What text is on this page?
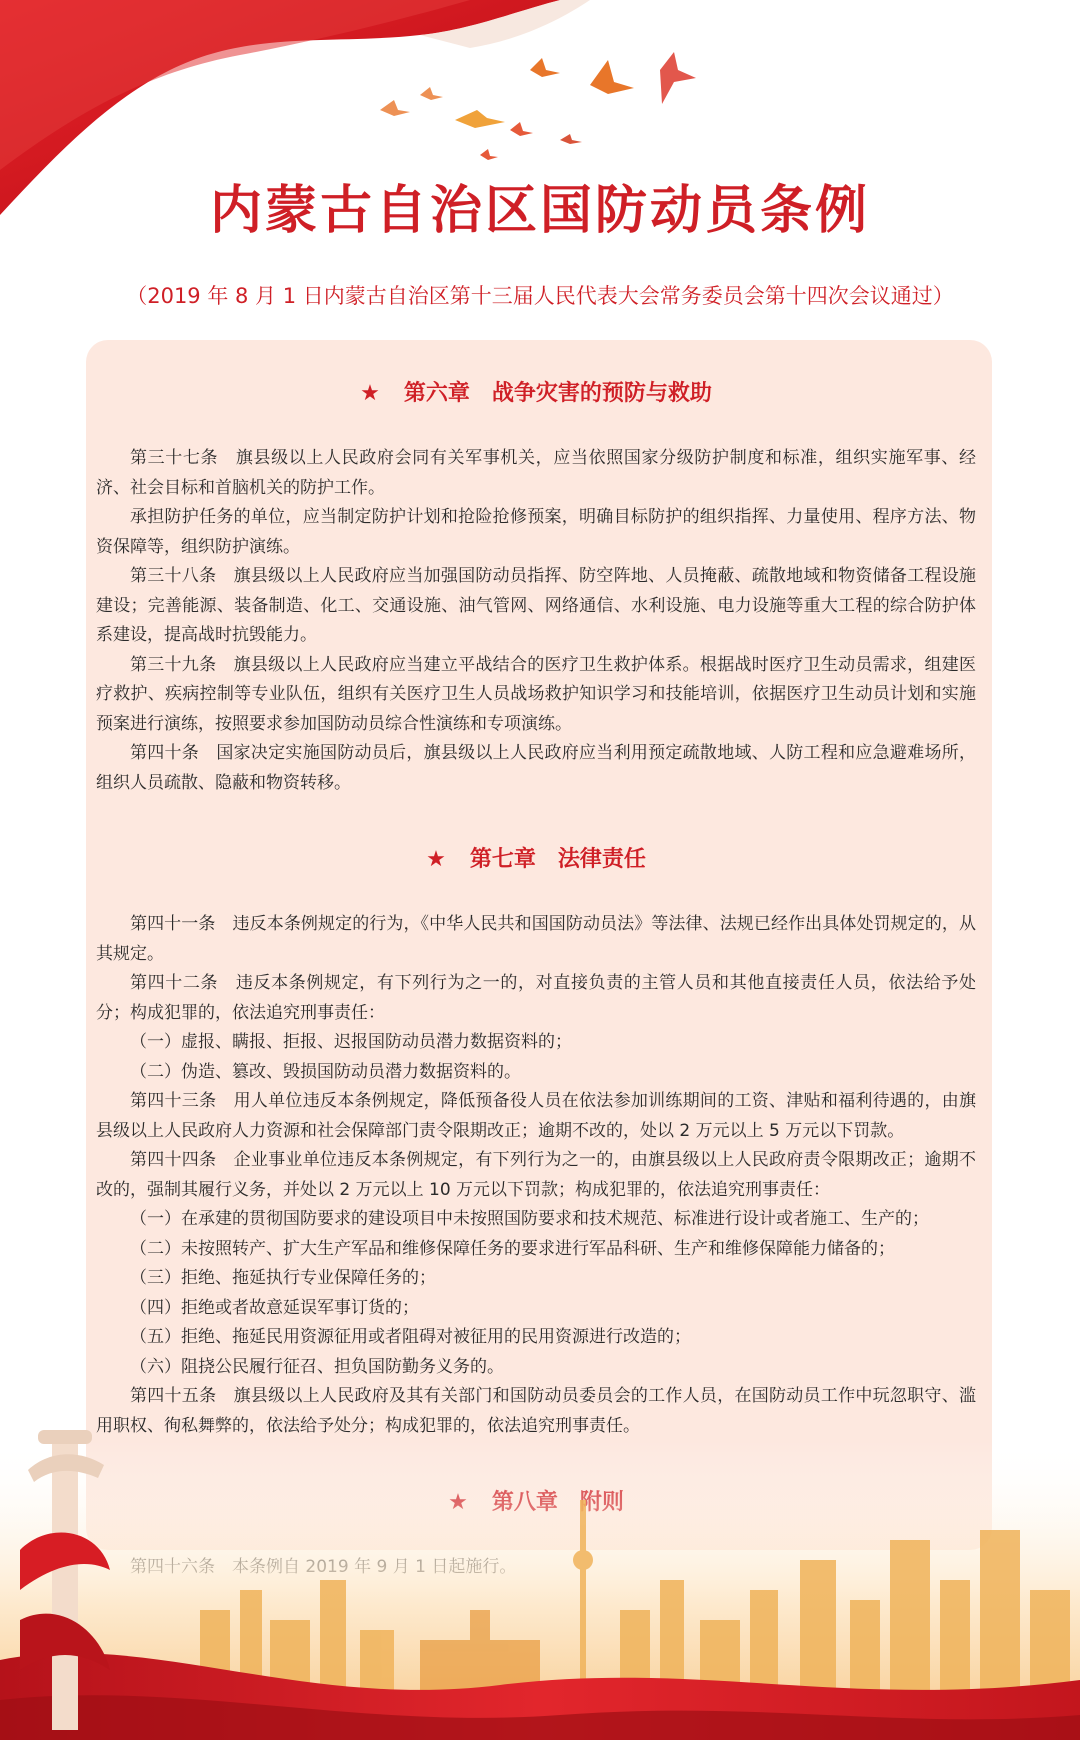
内蒙古自治区国防动员条例

（2019 年 8 月 1 日内蒙古自治区第十三届人民代表大会常务委员会第十四次会议通过）

★ 第六章 战争灾害的预防与救助

第三十七条　旗县级以上人民政府会同有关军事机关，应当依照国家分级防护制度和标准，组织实施军事、经济、社会目标和首脑机关的防护工作。

承担防护任务的单位，应当制定防护计划和抢险抢修预案，明确目标防护的组织指挥、力量使用、程序方法、物资保障等，组织防护演练。

第三十八条　旗县级以上人民政府应当加强国防动员指挥、防空阵地、人员掩蔽、疏散地域和物资储备工程设施建设；完善能源、装备制造、化工、交通设施、油气管网、网络通信、水利设施、电力设施等重大工程的综合防护体系建设，提高战时抗毁能力。

第三十九条　旗县级以上人民政府应当建立平战结合的医疗卫生救护体系。根据战时医疗卫生动员需求，组建医疗救护、疾病控制等专业队伍，组织有关医疗卫生人员战场救护知识学习和技能培训，依据医疗卫生动员计划和实施预案进行演练，按照要求参加国防动员综合性演练和专项演练。

第四十条　国家决定实施国防动员后，旗县级以上人民政府应当利用预定疏散地域、人防工程和应急避难场所，组织人员疏散、隐蔽和物资转移。

★ 第七章 法律责任

第四十一条　违反本条例规定的行为，《中华人民共和国国防动员法》等法律、法规已经作出具体处罚规定的，从其规定。

第四十二条　违反本条例规定，有下列行为之一的，对直接负责的主管人员和其他直接责任人员，依法给予处分；构成犯罪的，依法追究刑事责任：

（一）虚报、瞒报、拒报、迟报国防动员潜力数据资料的；

（二）伪造、篡改、毁损国防动员潜力数据资料的。

第四十三条　用人单位违反本条例规定，降低预备役人员在依法参加训练期间的工资、津贴和福利待遇的，由旗县级以上人民政府人力资源和社会保障部门责令限期改正；逾期不改的，处以 2 万元以上 5 万元以下罚款。

第四十四条　企业事业单位违反本条例规定，有下列行为之一的，由旗县级以上人民政府责令限期改正；逾期不改的，强制其履行义务，并处以 2 万元以上 10 万元以下罚款；构成犯罪的，依法追究刑事责任：

（一）在承建的贯彻国防要求的建设项目中未按照国防要求和技术规范、标准进行设计或者施工、生产的；

（二）未按照转产、扩大生产军品和维修保障任务的要求进行军品科研、生产和维修保障能力储备的；

（三）拒绝、拖延执行专业保障任务的；

（四）拒绝或者故意延误军事订货的；

（五）拒绝、拖延民用资源征用或者阻碍对被征用的民用资源进行改造的；

（六）阻挠公民履行征召、担负国防勤务义务的。

第四十五条　旗县级以上人民政府及其有关部门和国防动员委员会的工作人员，在国防动员工作中玩忽职守、滥用职权、徇私舞弊的，依法给予处分；构成犯罪的，依法追究刑事责任。
